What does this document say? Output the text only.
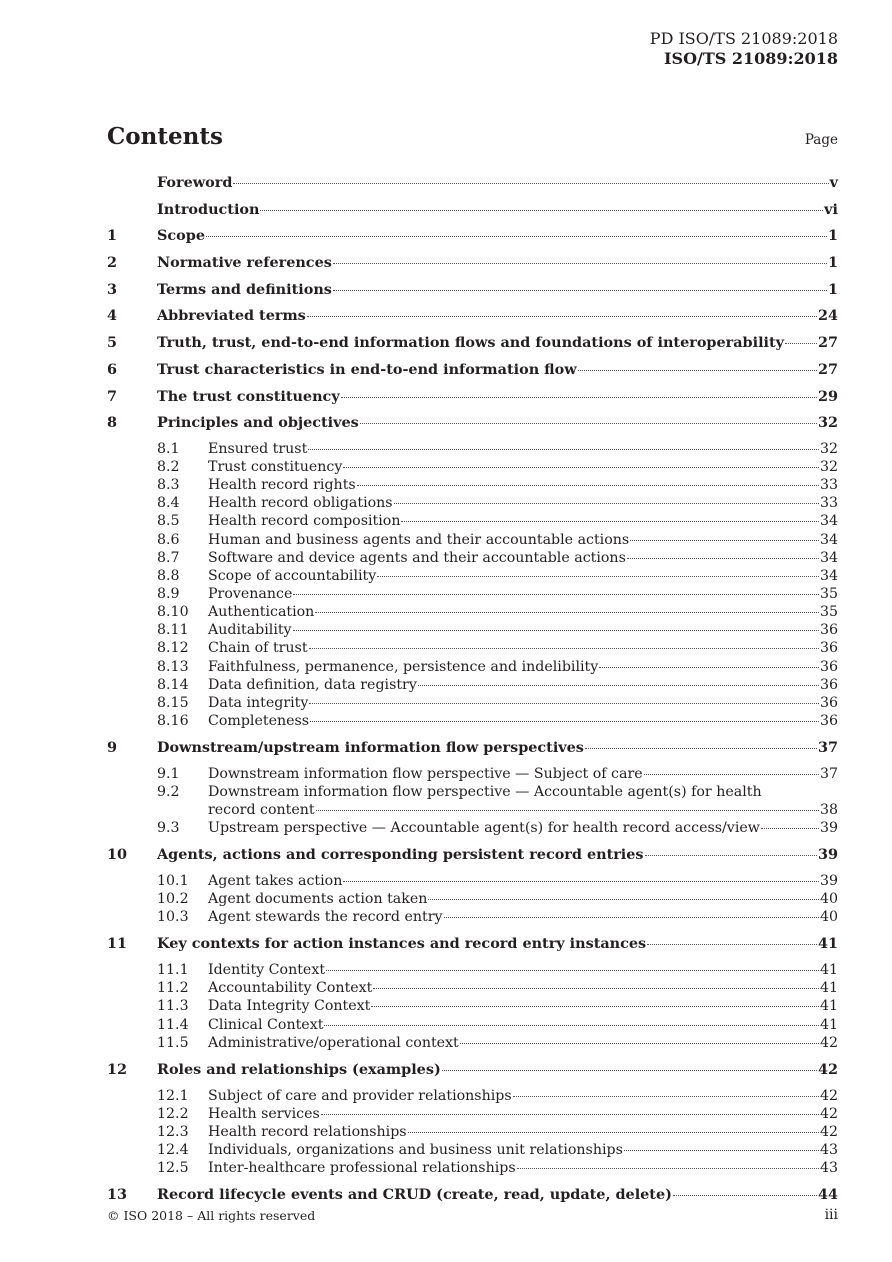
PD ISO/TS 21089:2018
ISO/TS 21089:2018
Contents	Page
Foreword	v
Introduction	vi
1	Scope	1
2	Normative references	1
3	Terms and definitions	1
4	Abbreviated terms	24
5	Truth, trust, end-to-end information flows and foundations of interoperability 27
6	Trust characteristics in end-to-end information flow	27
7	The trust constituency	29
8	Principles and objectives	32
8.1	Ensured trust	32
8.2	Trust constituency	32
8.3	Health record rights	33
8.4	Health record obligations	33
8.5	Health record composition	34
8.6	Human and business agents and their accountable actions	34
8.7	Software and device agents and their accountable actions	34
8.8	Scope of accountability	34
8.9	Provenance	35
8.10	Authentication	35
8.11	Auditability	36
8.12	Chain of trust	36
8.13	Faithfulness, permanence, persistence and indelibility	36
8.14	Data definition, data registry	36
8.15	Data integrity	36
8.16	Completeness	36
9	Downstream/upstream information flow perspectives	37
9.1	Downstream information flow perspective — Subject of care	37
9.2	Downstream information flow perspective — Accountable agent(s) for health
record content	38
9.3	Upstream perspective — Accountable agent(s) for health record access/view	39
10	Agents, actions and corresponding persistent record entries	39
10.1	Agent takes action	39
10.2	Agent documents action taken	40
10.3	Agent stewards the record entry	40
11	Key contexts for action instances and record entry instances	41
11.1	Identity Context	41
11.2	Accountability Context	41
11.3	Data Integrity Context	41
11.4	Clinical Context	41
11.5	Administrative/operational context	42
12	Roles and relationships (examples)	42
12.1	Subject of care and provider relationships	42
12.2	Health services	42
12.3	Health record relationships	42
12.4	Individuals, organizations and business unit relationships	43
12.5	Inter-healthcare professional relationships	43
13	Record lifecycle events and CRUD (create, read, update, delete)	44
© ISO 2018 – All rights reserved	iii
